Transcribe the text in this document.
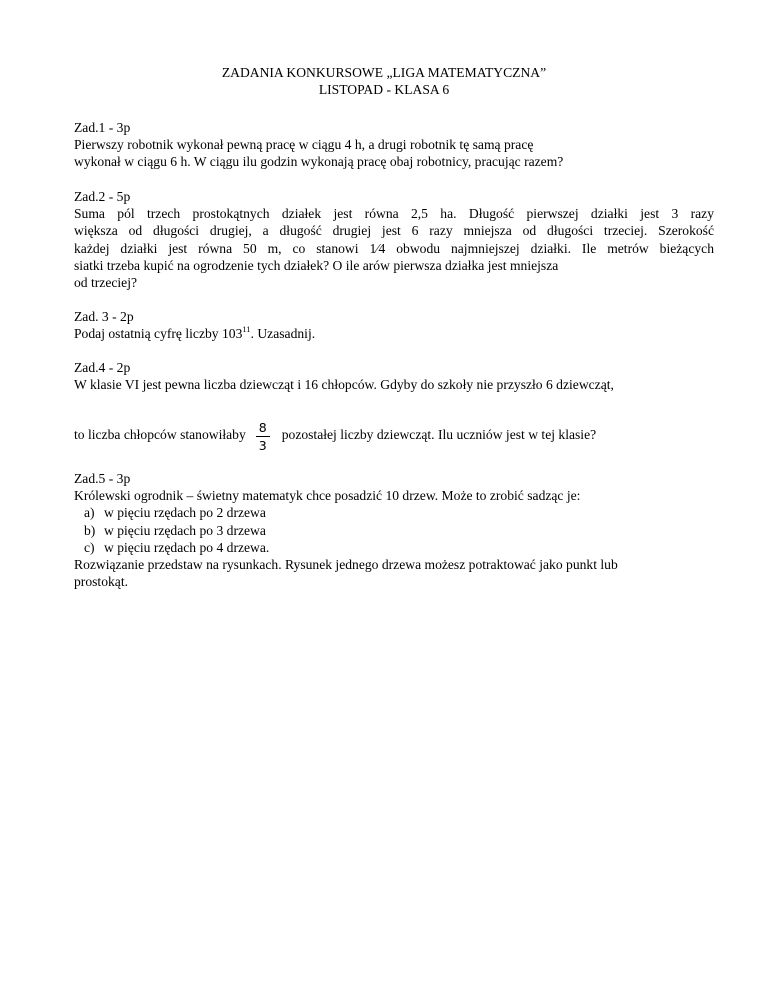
ZADANIA KONKURSOWE „LIGA MATEMATYCZNA”
LISTOPAD - KLASA 6
Zad.1 - 3p
Pierwszy robotnik wykonał pewną pracę w ciągu 4 h, a drugi robotnik tę samą pracę
wykonał w ciągu 6 h. W ciągu ilu godzin wykonają pracę obaj robotnicy, pracując razem?
Zad.2 - 5p
Suma pól trzech prostokątnych działek jest równa 2,5 ha. Długość pierwszej działki jest 3 razy
większa od długości drugiej, a długość drugiej jest 6 razy mniejsza od długości trzeciej. Szerokość
każdej działki jest równa 50 m, co stanowi 1⁄4 obwodu najmniejszej działki. Ile metrów bieżących
siatki trzeba kupić na ogrodzenie tych działek? O ile arów pierwsza działka jest mniejsza
od trzeciej?
Zad. 3 - 2p
Podaj ostatnią cyfrę liczby $103^{11}$. Uzasadnij.
Zad.4 - 2p
W klasie VI jest pewna liczba dziewcząt i 16 chłopców. Gdyby do szkoły nie przyszło 6 dziewcząt,
to liczba chłopców stanowiłaby $\frac{8}{3}$ pozostałej liczby dziewcząt. Ilu uczniów jest w tej klasie?
Zad.5 - 3p
Królewski ogrodnik – świetny matematyk chce posadzić 10 drzew. Może to zrobić sadząc je:
a) w pięciu rzędach po 2 drzewa
b) w pięciu rzędach po 3 drzewa
c) w pięciu rzędach po 4 drzewa.
Rozwiązanie przedstaw na rysunkach. Rysunek jednego drzewa możesz potraktować jako punkt lub
prostokąt.
